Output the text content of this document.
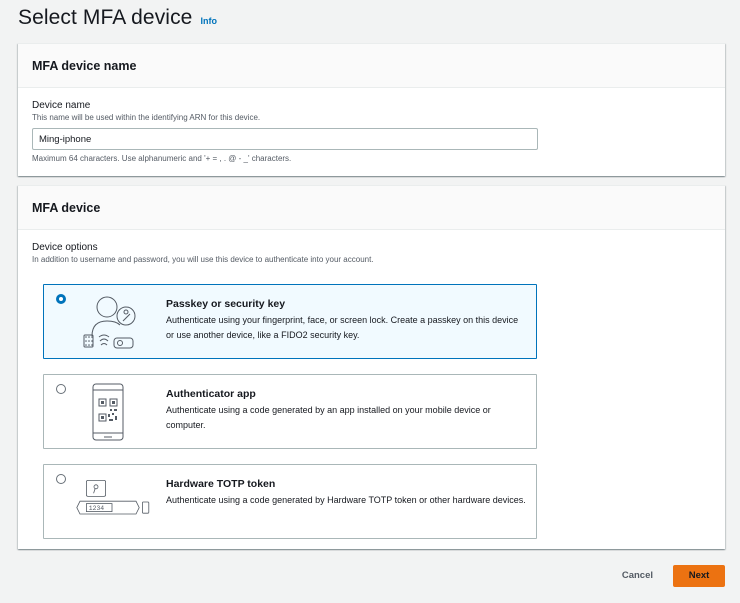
Select MFA device Info
MFA device name
Device name
This name will be used within the identifying ARN for this device.
Ming-iphone
Maximum 64 characters. Use alphanumeric and '+ = , . @ - _' characters.
MFA device
Device options
In addition to username and password, you will use this device to authenticate into your account.
Passkey or security key
Authenticate using your fingerprint, face, or screen lock. Create a passkey on this device or use another device, like a FIDO2 security key.
Authenticator app
Authenticate using a code generated by an app installed on your mobile device or computer.
1234
Hardware TOTP token
Authenticate using a code generated by Hardware TOTP token or other hardware devices.
Cancel	Next
